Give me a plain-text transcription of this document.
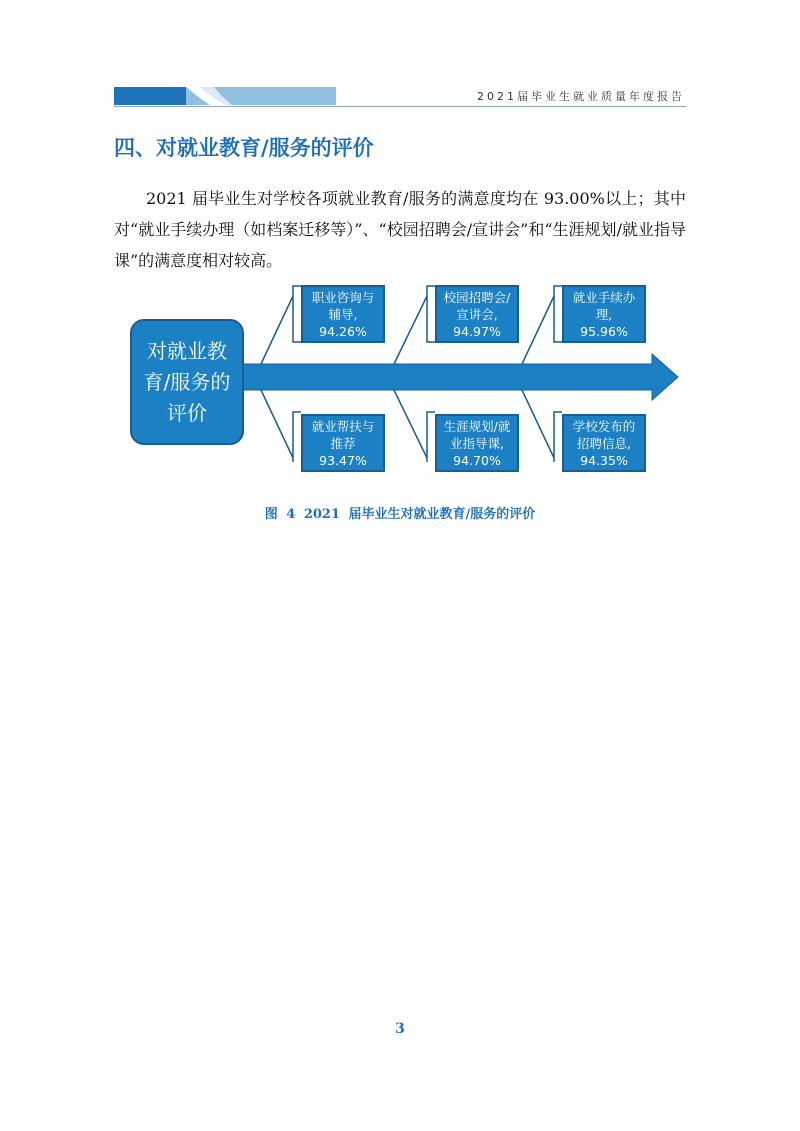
2021届毕业生就业质量年度报告
四、对就业教育/服务的评价
2021 届毕业生对学校各项就业教育/服务的满意度均在 93.00%以上；其中对“就业手续办理（如档案迁移等）”、“校园招聘会/宣讲会”和“生涯规划/就业指导课”的满意度相对较高。
对就业教育/服务的评价
职业咨询与辅导, 94.26%
校园招聘会/宣讲会, 94.97%
就业手续办理, 95.96%
就业帮扶与推荐 93.47%
生涯规划/就业指导课, 94.70%
学校发布的招聘信息, 94.35%
图 4 2021 届毕业生对就业教育/服务的评价
3
